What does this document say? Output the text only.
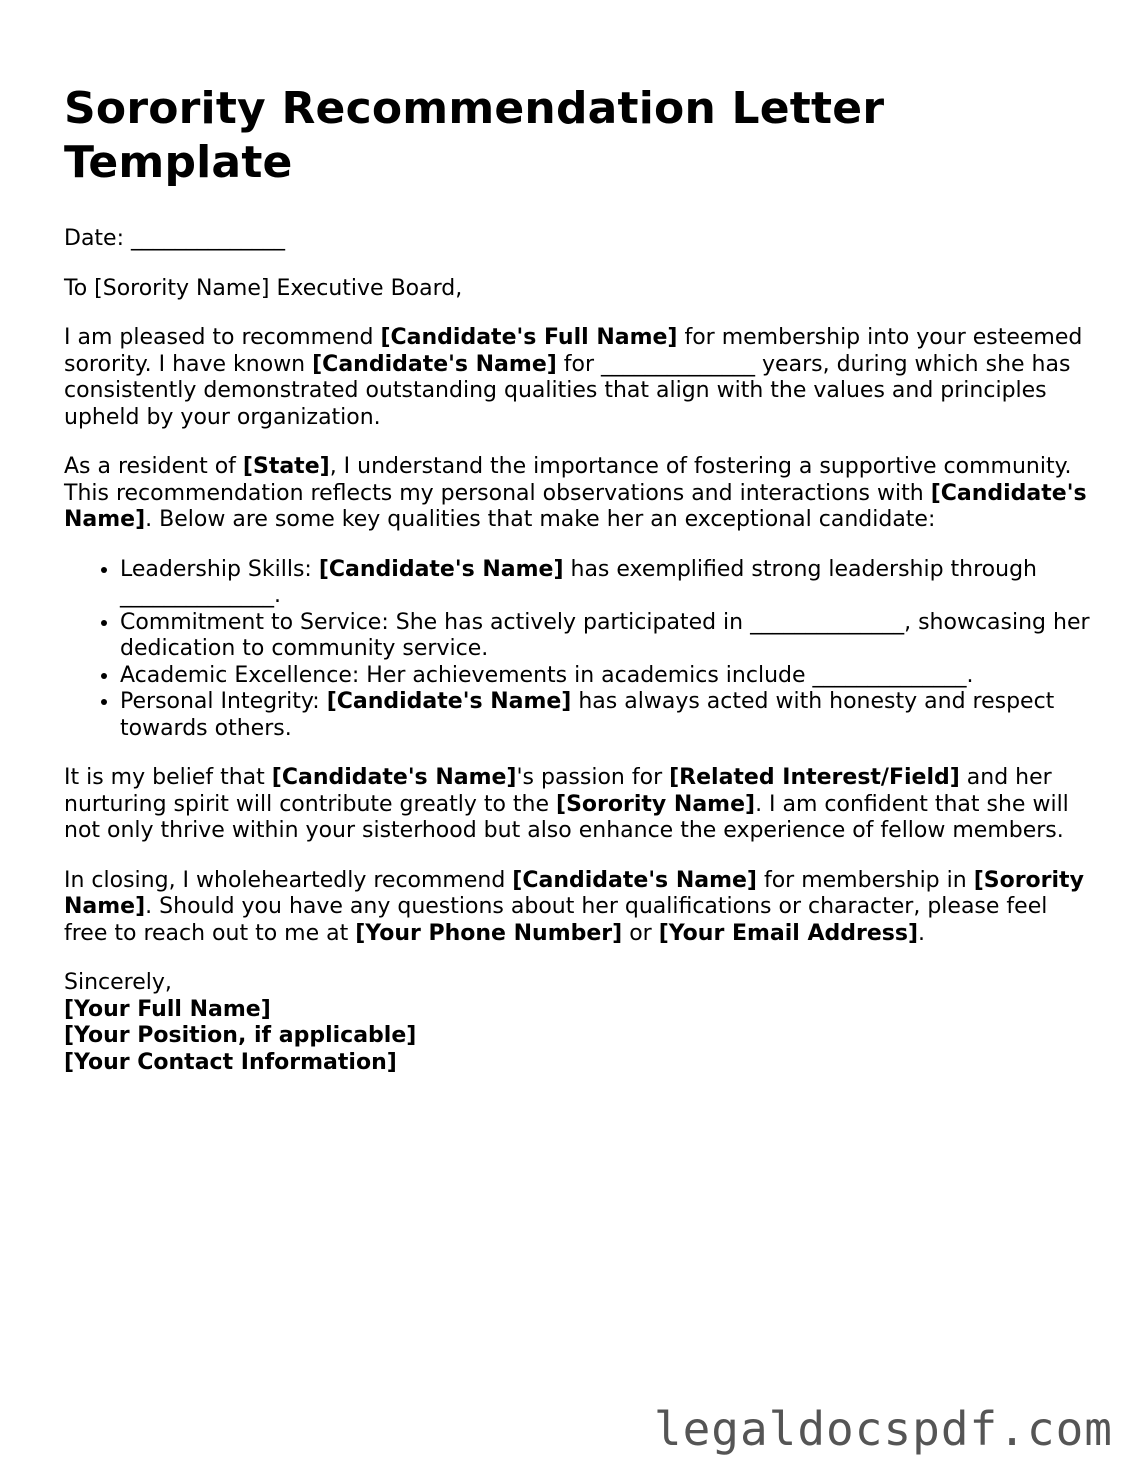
Sorority Recommendation Letter Template

Date: ______________

To [Sorority Name] Executive Board,

I am pleased to recommend [Candidate's Full Name] for membership into your esteemed sorority. I have known [Candidate's Name] for ______________ years, during which she has consistently demonstrated outstanding qualities that align with the values and principles upheld by your organization.

As a resident of [State], I understand the importance of fostering a supportive community. This recommendation reflects my personal observations and interactions with [Candidate's Name]. Below are some key qualities that make her an exceptional candidate:

• Leadership Skills: [Candidate's Name] has exemplified strong leadership through ______________.
• Commitment to Service: She has actively participated in ______________, showcasing her dedication to community service.
• Academic Excellence: Her achievements in academics include ______________.
• Personal Integrity: [Candidate's Name] has always acted with honesty and respect towards others.

It is my belief that [Candidate's Name]'s passion for [Related Interest/Field] and her nurturing spirit will contribute greatly to the [Sorority Name]. I am confident that she will not only thrive within your sisterhood but also enhance the experience of fellow members.

In closing, I wholeheartedly recommend [Candidate's Name] for membership in [Sorority Name]. Should you have any questions about her qualifications or character, please feel free to reach out to me at [Your Phone Number] or [Your Email Address].

Sincerely,

[Your Full Name]

[Your Position, if applicable]

[Your Contact Information]

legaldocspdf.com
